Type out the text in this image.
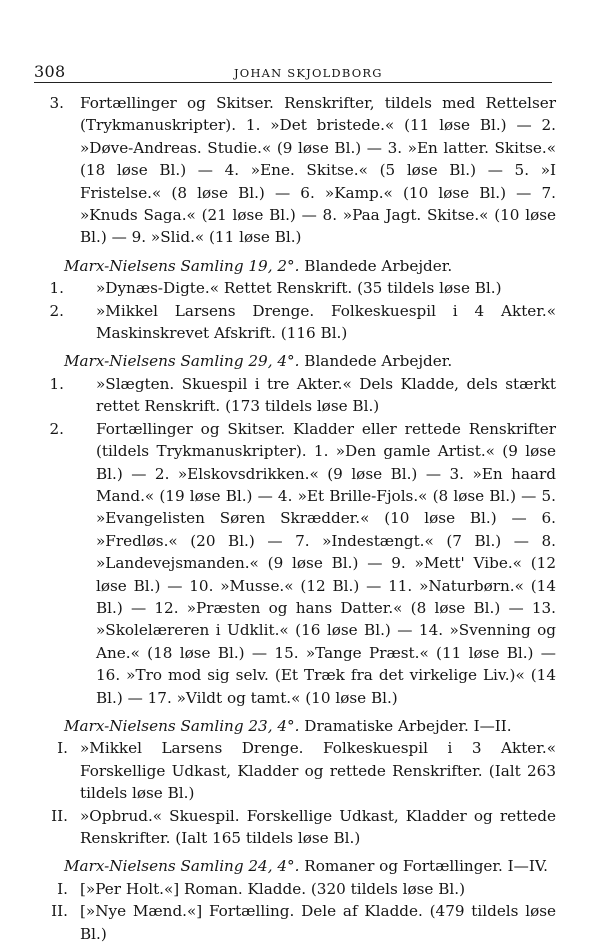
308	JOHAN SKJOLDBORG
3. Fortællinger og Skitser. Renskrifter, tildels med Rettelser (Trykmanuskripter). 1. »Det bristede.« (11 løse Bl.) — 2. »Døve-Andreas. Studie.« (9 løse Bl.) — 3. »En latter. Skitse.« (18 løse Bl.) — 4. »Ene. Skitse.« (5 løse Bl.) — 5. »I Fristelse.« (8 løse Bl.) — 6. »Kamp.« (10 løse Bl.) — 7. »Knuds Saga.« (21 løse Bl.) — 8. »Paa Jagt. Skitse.« (10 løse Bl.) — 9. »Slid.« (11 løse Bl.)
Marx-Nielsens Samling 19, 2°. Blandede Arbejder.
1. »Dynæs-Digte.« Rettet Renskrift. (35 tildels løse Bl.)
2. »Mikkel Larsens Drenge. Folkeskuespil i 4 Akter.« Maskinskrevet Afskrift. (116 Bl.)
Marx-Nielsens Samling 29, 4°. Blandede Arbejder.
1. »Slægten. Skuespil i tre Akter.« Dels Kladde, dels stærkt rettet Renskrift. (173 tildels løse Bl.)
2. Fortællinger og Skitser. Kladder eller rettede Renskrifter (tildels Trykmanuskripter). 1. »Den gamle Artist.« (9 løse Bl.) — 2. »Elskovsdrikken.« (9 løse Bl.) — 3. »En haard Mand.« (19 løse Bl.) — 4. »Et Brille-Fjols.« (8 løse Bl.) — 5. »Evangelisten Søren Skrædder.« (10 løse Bl.) — 6. »Fredløs.« (20 Bl.) — 7. »Indestængt.« (7 Bl.) — 8. »Landevejsmanden.« (9 løse Bl.) — 9. »Mett' Vibe.« (12 løse Bl.) — 10. »Musse.« (12 Bl.) — 11. »Naturbørn.« (14 Bl.) — 12. »Præsten og hans Datter.« (8 løse Bl.) — 13. »Skolelæreren i Udklit.« (16 løse Bl.) — 14. »Svenning og Ane.« (18 løse Bl.) — 15. »Tange Præst.« (11 løse Bl.) — 16. »Tro mod sig selv. (Et Træk fra det virkelige Liv.)« (14 Bl.) — 17. »Vildt og tamt.« (10 løse Bl.)
Marx-Nielsens Samling 23, 4°. Dramatiske Arbejder. I—II.
I. »Mikkel Larsens Drenge. Folkeskuespil i 3 Akter.« Forskellige Udkast, Kladder og rettede Renskrifter. (Ialt 263 tildels løse Bl.)
II. »Opbrud.« Skuespil. Forskellige Udkast, Kladder og rettede Renskrifter. (Ialt 165 tildels løse Bl.)
Marx-Nielsens Samling 24, 4°. Romaner og Fortællinger. I—IV.
I. [»Per Holt.«] Roman. Kladde. (320 tildels løse Bl.)
II. [»Nye Mænd.«] Fortælling. Dele af Kladde. (479 tildels løse Bl.)
